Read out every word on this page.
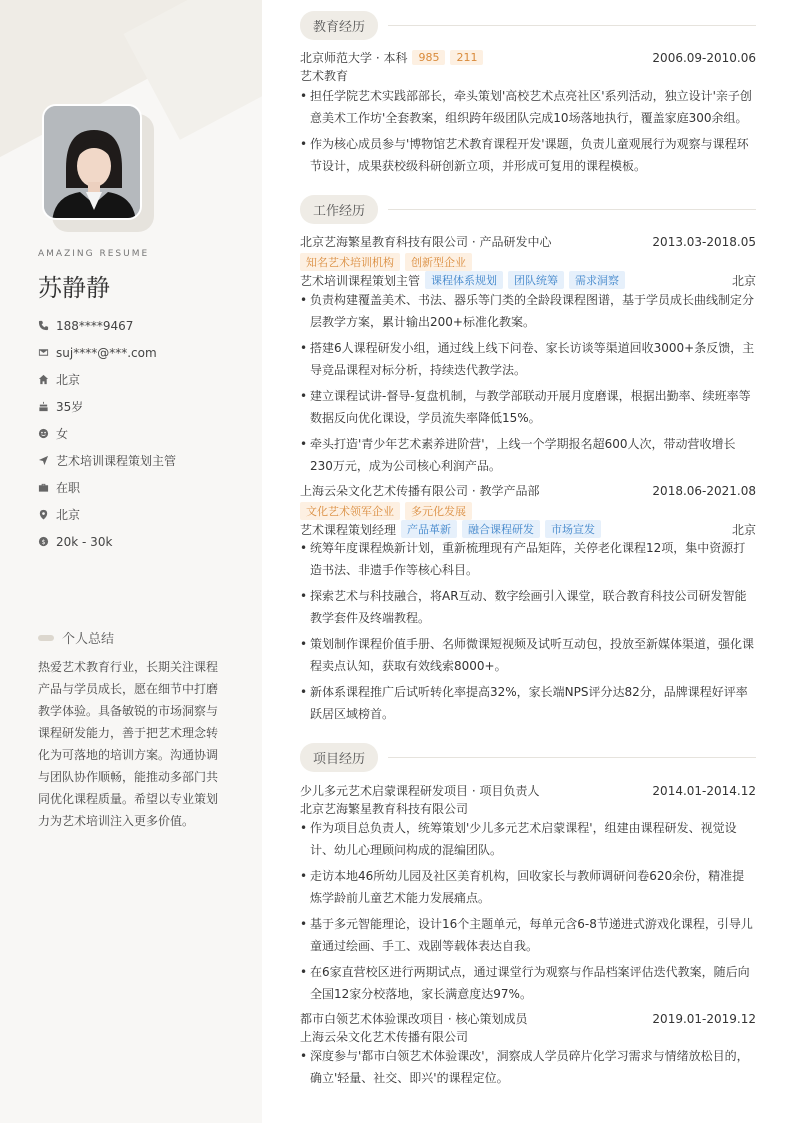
AMAZING RESUME
苏静静
188****9467
suj****@***.com
北京
35岁
女
艺术培训课程策划主管
在职
北京
$ 20k - 30k
个人总结
热爱艺术教育行业，长期关注课程产品与学员成长，愿在细节中打磨教学体验。具备敏锐的市场洞察与课程研发能力，善于把艺术理念转化为可落地的培训方案。沟通协调与团队协作顺畅，能推动多部门共同优化课程质量。希望以专业策划力为艺术培训注入更多价值。
教育经历
北京师范大学 · 本科	985	211	2006.09-2010.06
艺术教育
• 担任学院艺术实践部部长，牵头策划'高校艺术点亮社区'系列活动，独立设计'亲子创意美术工作坊'全套教案，组织跨年级团队完成10场落地执行，覆盖家庭300余组。
• 作为核心成员参与'博物馆艺术教育课程开发'课题，负责儿童观展行为观察与课程环节设计，成果获校级科研创新立项，并形成可复用的课程模板。
工作经历
北京艺海繁星教育科技有限公司 · 产品研发中心	2013.03-2018.05
知名艺术培训机构	创新型企业
艺术培训课程策划主管	课程体系规划	团队统筹	需求洞察	北京
• 负责构建覆盖美术、书法、器乐等门类的全龄段课程图谱，基于学员成长曲线制定分层教学方案，累计输出200+标准化教案。
• 搭建6人课程研发小组，通过线上线下问卷、家长访谈等渠道回收3000+条反馈，主导竞品课程对标分析，持续迭代教学法。
• 建立课程试讲-督导-复盘机制，与教学部联动开展月度磨课，根据出勤率、续班率等数据反向优化课设，学员流失率降低15%。
• 牵头打造'青少年艺术素养进阶营'，上线一个学期报名超600人次，带动营收增长230万元，成为公司核心利润产品。
上海云朵文化艺术传播有限公司 · 教学产品部	2018.06-2021.08
文化艺术领军企业	多元化发展
艺术课程策划经理	产品革新	融合课程研发	市场宣发	北京
• 统筹年度课程焕新计划，重新梳理现有产品矩阵，关停老化课程12项，集中资源打造书法、非遗手作等核心科目。
• 探索艺术与科技融合，将AR互动、数字绘画引入课堂，联合教育科技公司研发智能教学套件及终端教程。
• 策划制作课程价值手册、名师微课短视频及试听互动包，投放至新媒体渠道，强化课程卖点认知，获取有效线索8000+。
• 新体系课程推广后试听转化率提高32%，家长端NPS评分达82分，品牌课程好评率跃居区域榜首。
项目经历
少儿多元艺术启蒙课程研发项目 · 项目负责人	2014.01-2014.12
北京艺海繁星教育科技有限公司
• 作为项目总负责人，统筹策划'少儿多元艺术启蒙课程'，组建由课程研发、视觉设计、幼儿心理顾问构成的混编团队。
• 走访本地46所幼儿园及社区美育机构，回收家长与教师调研问卷620余份，精准提炼学龄前儿童艺术能力发展痛点。
• 基于多元智能理论，设计16个主题单元，每单元含6-8节递进式游戏化课程，引导儿童通过绘画、手工、戏剧等载体表达自我。
• 在6家直营校区进行两期试点，通过课堂行为观察与作品档案评估迭代教案，随后向全国12家分校落地，家长满意度达97%。
都市白领艺术体验课改项目 · 核心策划成员	2019.01-2019.12
上海云朵文化艺术传播有限公司
• 深度参与'都市白领艺术体验课改'，洞察成人学员碎片化学习需求与情绪放松目的，确立'轻量、社交、即兴'的课程定位。
